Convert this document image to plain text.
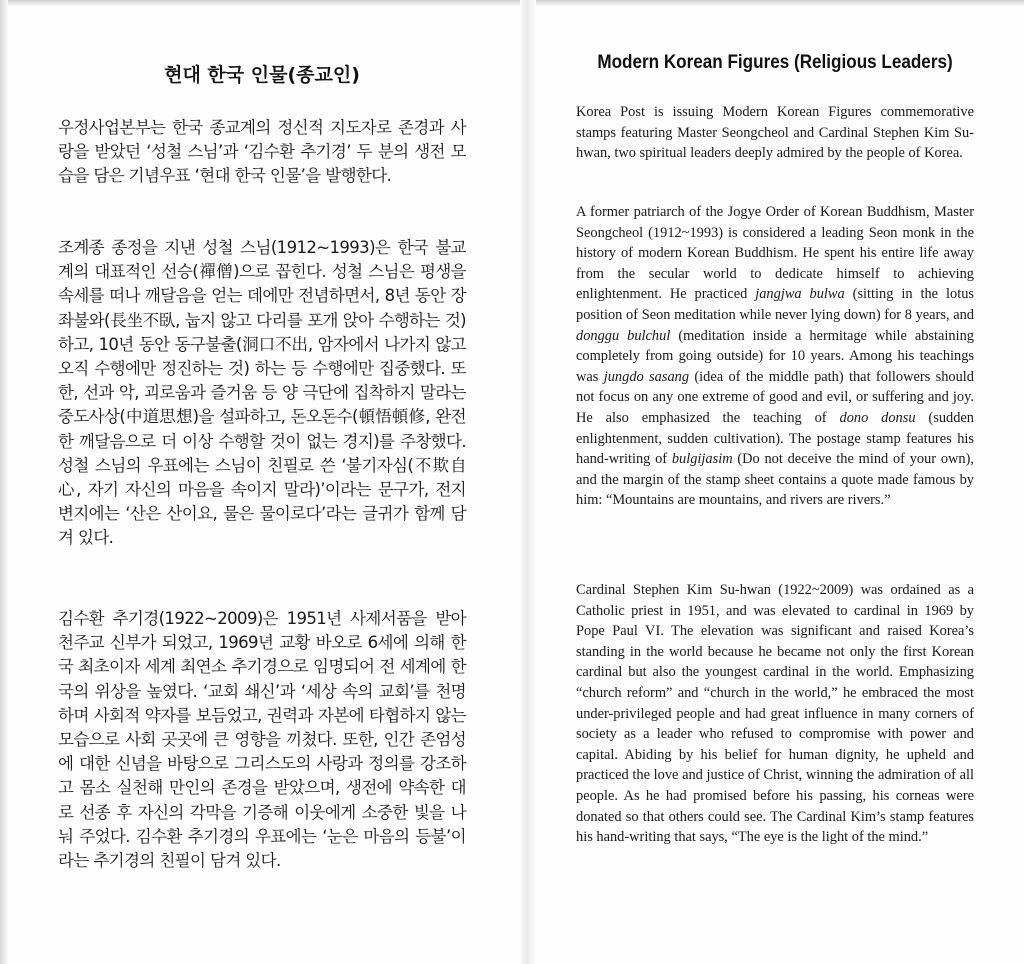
현대 한국 인물(종교인)

우정사업본부는 한국 종교계의 정신적 지도자로 존경과 사랑을 받았던 ‘성철 스님’과 ‘김수환 추기경’ 두 분의 생전 모습을 담은 기념우표 ‘현대 한국 인물’을 발행한다.

조계종 종정을 지낸 성철 스님(1912~1993)은 한국 불교계의 대표적인 선승(禪僧)으로 꼽힌다. 성철 스님은 평생을 속세를 떠나 깨달음을 얻는 데에만 전념하면서, 8년 동안 장좌불와(長坐不臥, 눕지 않고 다리를 포개 앉아 수행하는 것)하고, 10년 동안 동구불출(洞口不出, 암자에서 나가지 않고 오직 수행에만 정진하는 것) 하는 등 수행에만 집중했다. 또한, 선과 악, 괴로움과 즐거움 등 양 극단에 집착하지 말라는 중도사상(中道思想)을 설파하고, 돈오돈수(頓悟頓修, 완전한 깨달음으로 더 이상 수행할 것이 없는 경지)를 주창했다. 성철 스님의 우표에는 스님이 친필로 쓴 ‘불기자심(不欺自心, 자기 자신의 마음을 속이지 말라)’이라는 문구가, 전지 변지에는 ‘산은 산이요, 물은 물이로다’라는 글귀가 함께 담겨 있다.

김수환 추기경(1922~2009)은 1951년 사제서품을 받아 천주교 신부가 되었고, 1969년 교황 바오로 6세에 의해 한국 최초이자 세계 최연소 추기경으로 임명되어 전 세계에 한국의 위상을 높였다. ‘교회 쇄신’과 ‘세상 속의 교회’를 천명하며 사회적 약자를 보듬었고, 권력과 자본에 타협하지 않는 모습으로 사회 곳곳에 큰 영향을 끼쳤다. 또한, 인간 존엄성에 대한 신념을 바탕으로 그리스도의 사랑과 정의를 강조하고 몸소 실천해 만인의 존경을 받았으며, 생전에 약속한 대로 선종 후 자신의 각막을 기증해 이웃에게 소중한 빛을 나눠 주었다. 김수환 추기경의 우표에는 ‘눈은 마음의 등불’이라는 추기경의 친필이 담겨 있다.

Modern Korean Figures (Religious Leaders)

Korea Post is issuing Modern Korean Figures commemorative stamps featuring Master Seongcheol and Cardinal Stephen Kim Su-hwan, two spiritual leaders deeply admired by the people of Korea.

A former patriarch of the Jogye Order of Korean Buddhism, Master Seongcheol (1912~1993) is considered a leading Seon monk in the history of modern Korean Buddhism. He spent his entire life away from the secular world to dedicate himself to achieving enlightenment. He practiced jangjwa bulwa (sitting in the lotus position of Seon meditation while never lying down) for 8 years, and donggu bulchul (meditation inside a hermitage while abstaining completely from going outside) for 10 years. Among his teachings was jungdo sasang (idea of the middle path) that followers should not focus on any one extreme of good and evil, or suffering and joy. He also emphasized the teaching of dono donsu (sudden enlightenment, sudden cultivation). The postage stamp features his hand-writing of bulgijasim (Do not deceive the mind of your own), and the margin of the stamp sheet contains a quote made famous by him: “Mountains are mountains, and rivers are rivers.”

Cardinal Stephen Kim Su-hwan (1922~2009) was ordained as a Catholic priest in 1951, and was elevated to cardinal in 1969 by Pope Paul VI. The elevation was significant and raised Korea’s standing in the world because he became not only the first Korean cardinal but also the youngest cardinal in the world. Emphasizing “church reform” and “church in the world,” he embraced the most under-privileged people and had great influence in many corners of society as a leader who refused to compromise with power and capital. Abiding by his belief for human dignity, he upheld and practiced the love and justice of Christ, winning the admiration of all people. As he had promised before his passing, his corneas were donated so that others could see. The Cardinal Kim’s stamp features his hand-writing that says, “The eye is the light of the mind.”
